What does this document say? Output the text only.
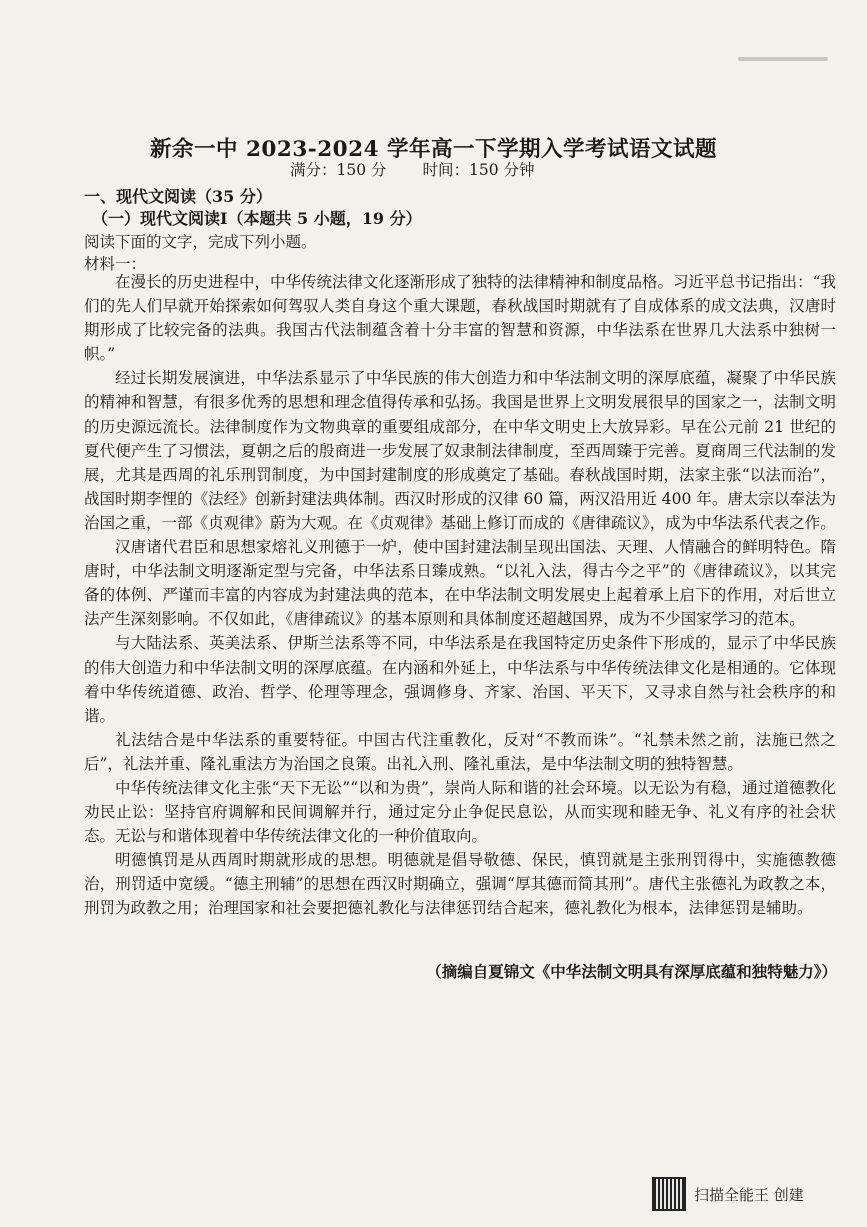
新余一中 2023-2024 学年高一下学期入学考试语文试题
满分：150 分 时间：150 分钟
一、现代文阅读（35 分）
（一）现代文阅读Ⅰ（本题共 5 小题，19 分）
阅读下面的文字，完成下列小题。
材料一：

在漫长的历史进程中，中华传统法律文化逐渐形成了独特的法律精神和制度品格。习近平总书记指出：“我们的先人们早就开始探索如何驾驭人类自身这个重大课题，春秋战国时期就有了自成体系的成文法典，汉唐时期形成了比较完备的法典。我国古代法制蕴含着十分丰富的智慧和资源，中华法系在世界几大法系中独树一帜。”

经过长期发展演进，中华法系显示了中华民族的伟大创造力和中华法制文明的深厚底蕴，凝聚了中华民族的精神和智慧，有很多优秀的思想和理念值得传承和弘扬。我国是世界上文明发展很早的国家之一，法制文明的历史源远流长。法律制度作为文物典章的重要组成部分，在中华文明史上大放异彩。早在公元前 21 世纪的夏代便产生了习惯法，夏朝之后的殷商进一步发展了奴隶制法律制度，至西周臻于完善。夏商周三代法制的发展，尤其是西周的礼乐刑罚制度，为中国封建制度的形成奠定了基础。春秋战国时期，法家主张“以法而治”，战国时期李悝的《法经》创新封建法典体制。西汉时形成的汉律 60 篇，两汉沿用近 400 年。唐太宗以奉法为治国之重，一部《贞观律》蔚为大观。在《贞观律》基础上修订而成的《唐律疏议》，成为中华法系代表之作。

汉唐诸代君臣和思想家熔礼义刑德于一炉，使中国封建法制呈现出国法、天理、人情融合的鲜明特色。隋唐时，中华法制文明逐渐定型与完备，中华法系日臻成熟。“以礼入法，得古今之平”的《唐律疏议》，以其完备的体例、严谨而丰富的内容成为封建法典的范本，在中华法制文明发展史上起着承上启下的作用，对后世立法产生深刻影响。不仅如此，《唐律疏议》的基本原则和具体制度还超越国界，成为不少国家学习的范本。

与大陆法系、英美法系、伊斯兰法系等不同，中华法系是在我国特定历史条件下形成的，显示了中华民族的伟大创造力和中华法制文明的深厚底蕴。在内涵和外延上，中华法系与中华传统法律文化是相通的。它体现着中华传统道德、政治、哲学、伦理等理念，强调修身、齐家、治国、平天下，又寻求自然与社会秩序的和谐。

礼法结合是中华法系的重要特征。中国古代注重教化，反对“不教而诛”。“礼禁未然之前，法施已然之后”，礼法并重、隆礼重法方为治国之良策。出礼入刑、隆礼重法，是中华法制文明的独特智慧。

中华传统法律文化主张“天下无讼”“以和为贵”，崇尚人际和谐的社会环境。以无讼为有稳，通过道德教化劝民止讼：坚持官府调解和民间调解并行，通过定分止争促民息讼，从而实现和睦无争、礼义有序的社会状态。无讼与和谐体现着中华传统法律文化的一种价值取向。

明德慎罚是从西周时期就形成的思想。明德就是倡导敬德、保民，慎罚就是主张刑罚得中，实施德教德治，刑罚适中宽缓。“德主刑辅”的思想在西汉时期确立，强调“厚其德而简其刑”。唐代主张德礼为政教之本，刑罚为政教之用；治理国家和社会要把德礼教化与法律惩罚结合起来，德礼教化为根本，法律惩罚是辅助。

（摘编自夏锦文《中华法制文明具有深厚底蕴和独特魅力》）
扫描全能王 创建
